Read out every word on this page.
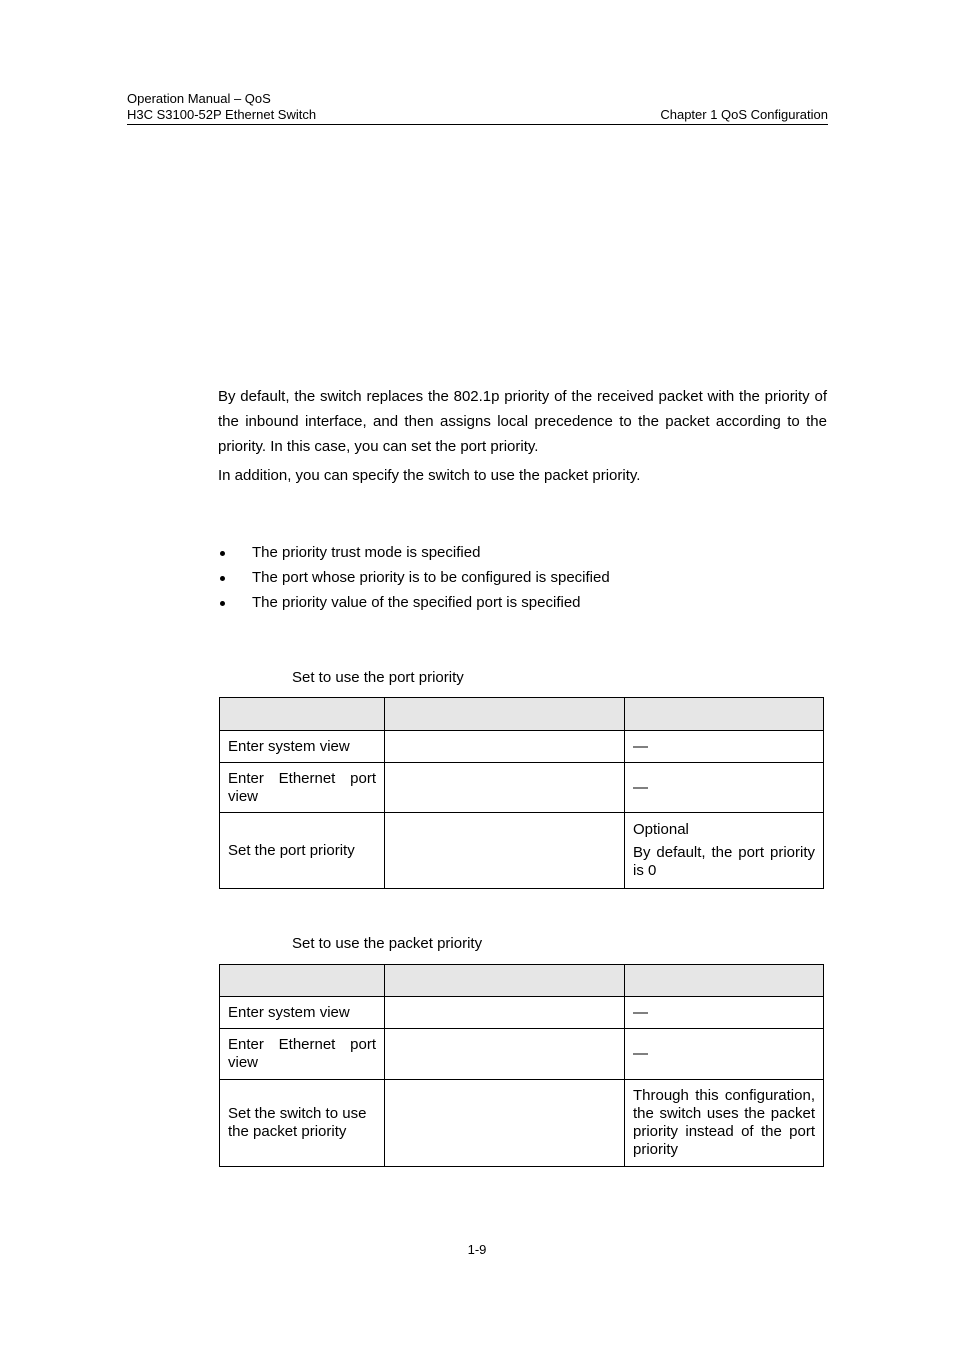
Operation Manual – QoS
H3C S3100-52P Ethernet Switch	Chapter 1 QoS Configuration

By default, the switch replaces the 802.1p priority of the received packet with the priority of the inbound interface, and then assigns local precedence to the packet according to the priority. In this case, you can set the port priority.

In addition, you can specify the switch to use the packet priority.
The priority trust mode is specified
The port whose priority is to be configured is specified
The priority value of the specified port is specified
Set to use the port priority

Enter system view		—
Enter Ethernet port view		—
Set the port priority		Optional

By default, the port priority is 0

Set to use the packet priority

Enter system view		—
Enter Ethernet port view		—
Set the switch to use the packet priority		Through this configuration, the switch uses the packet priority instead of the port priority
1-9
